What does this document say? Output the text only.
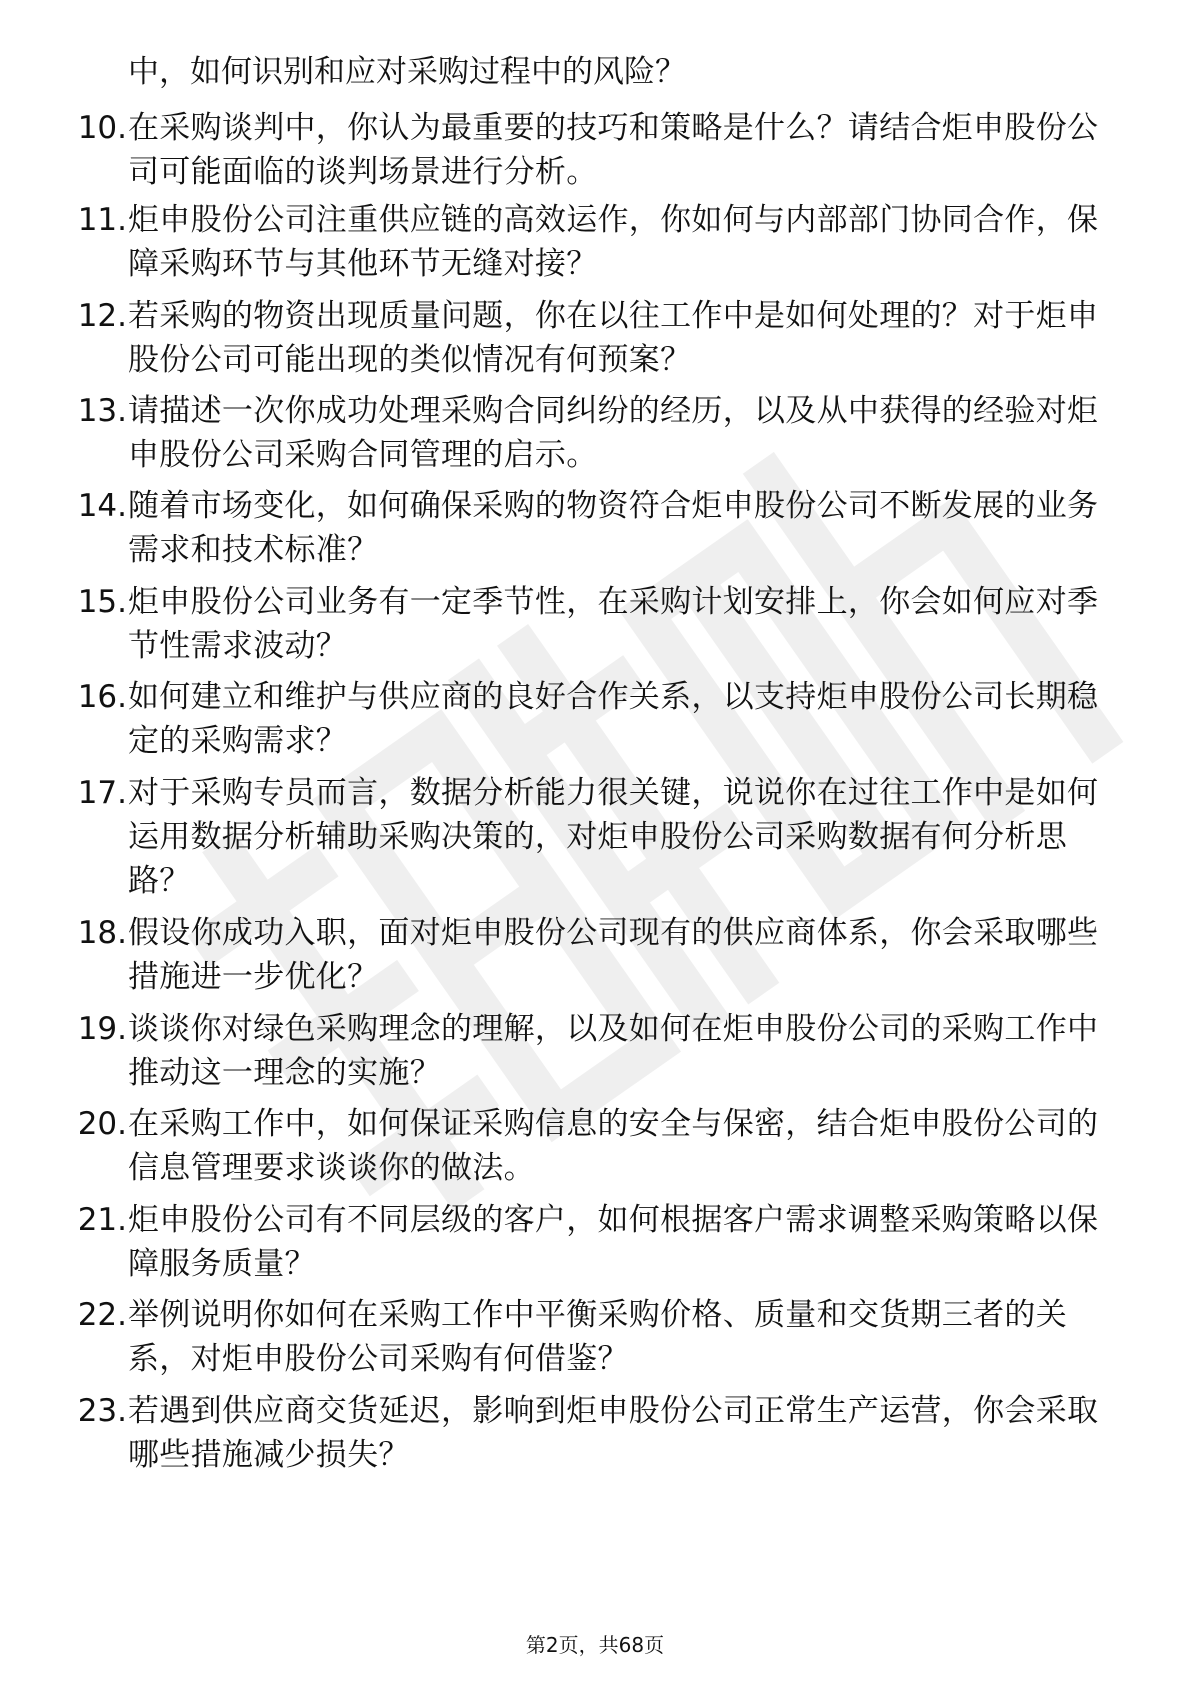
中，如何识别和应对采购过程中的风险？
10. 在采购谈判中，你认为最重要的技巧和策略是什么？请结合炬申股份公司可能面临的谈判场景进行分析。
11. 炬申股份公司注重供应链的高效运作，你如何与内部部门协同合作，保障采购环节与其他环节无缝对接？
12. 若采购的物资出现质量问题，你在以往工作中是如何处理的？对于炬申股份公司可能出现的类似情况有何预案？
13. 请描述一次你成功处理采购合同纠纷的经历，以及从中获得的经验对炬申股份公司采购合同管理的启示。
14. 随着市场变化，如何确保采购的物资符合炬申股份公司不断发展的业务需求和技术标准？
15. 炬申股份公司业务有一定季节性，在采购计划安排上，你会如何应对季节性需求波动？
16. 如何建立和维护与供应商的良好合作关系，以支持炬申股份公司长期稳定的采购需求？
17. 对于采购专员而言，数据分析能力很关键，说说你在过往工作中是如何运用数据分析辅助采购决策的，对炬申股份公司采购数据有何分析思路？
18. 假设你成功入职，面对炬申股份公司现有的供应商体系，你会采取哪些措施进一步优化？
19. 谈谈你对绿色采购理念的理解，以及如何在炬申股份公司的采购工作中推动这一理念的实施？
20. 在采购工作中，如何保证采购信息的安全与保密，结合炬申股份公司的信息管理要求谈谈你的做法。
21. 炬申股份公司有不同层级的客户，如何根据客户需求调整采购策略以保障服务质量？
22. 举例说明你如何在采购工作中平衡采购价格、质量和交货期三者的关系，对炬申股份公司采购有何借鉴？
23. 若遇到供应商交货延迟，影响到炬申股份公司正常生产运营，你会采取哪些措施减少损失？
第2页，共68页
